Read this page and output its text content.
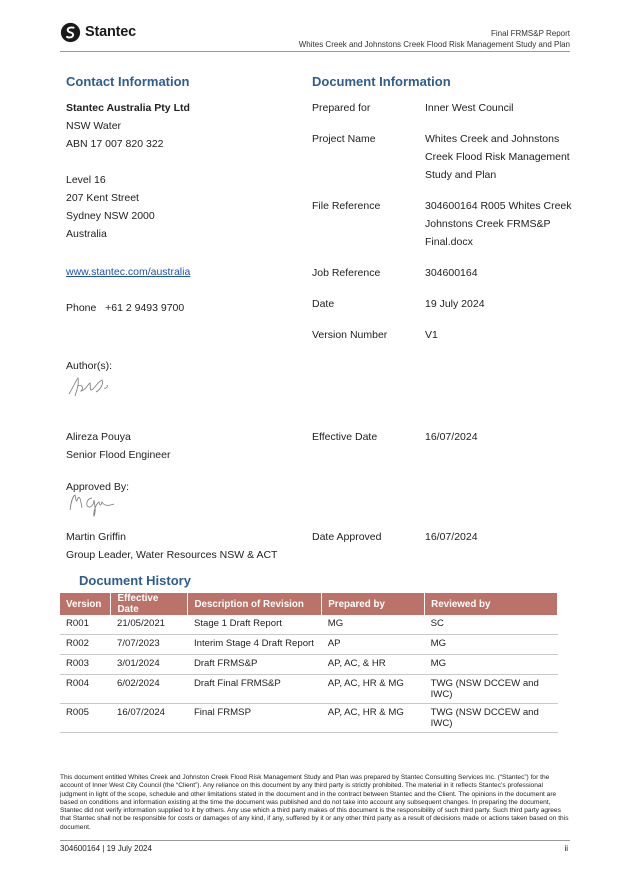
Stantec	Final FRMS&P Report
Whites Creek and Johnstons Creek Flood Risk Management Study and Plan
Contact Information
Stantec Australia Pty Ltd
NSW Water
ABN 17 007 820 322
Level 16
207 Kent Street
Sydney NSW 2000
Australia
www.stantec.com/australia
Phone   +61 2 9493 9700
Document Information
Prepared for	Inner West Council
Project Name	Whites Creek and Johnstons
Creek Flood Risk Management
Study and Plan
File Reference	304600164 R005 Whites Creek
Johnstons Creek FRMS&P
Final.docx
Job Reference	304600164
Date	19 July 2024
Version Number	V1
Author(s):
Alireza Pouya
Senior Flood Engineer
Effective Date	16/07/2024
Approved By:
Martin Griffin
Group Leader, Water Resources NSW & ACT
Date Approved	16/07/2024
Document History
Version	Effective Date	Description of Revision	Prepared by	Reviewed by
R001	21/05/2021	Stage 1 Draft Report	MG	SC
R002	7/07/2023	Interim Stage 4 Draft Report	AP	MG
R003	3/01/2024	Draft FRMS&P	AP, AC, & HR	MG
R004	6/02/2024	Draft Final FRMS&P	AP, AC, HR & MG	TWG (NSW DCCEW and IWC)
R005	16/07/2024	Final FRMSP	AP, AC, HR & MG	TWG (NSW DCCEW and IWC)
This document entitled Whites Creek and Johnston Creek Flood Risk Management Study and Plan was prepared by Stantec Consulting Services Inc. (“Stantec”) for the account of Inner West City Council (the “Client”). Any reliance on this document by any third party is strictly prohibited. The material in it reflects Stantec’s professional judgment in light of the scope, schedule and other limitations stated in the document and in the contract between Stantec and the Client. The opinions in the document are based on conditions and information existing at the time the document was published and do not take into account any subsequent changes. In preparing the document, Stantec did not verify information supplied to it by others. Any use which a third party makes of this document is the responsibility of such third party. Such third party agrees that Stantec shall not be responsible for costs or damages of any kind, if any, suffered by it or any other third party as a result of decisions made or actions taken based on this document.
304600164 | 19 July 2024	ii
